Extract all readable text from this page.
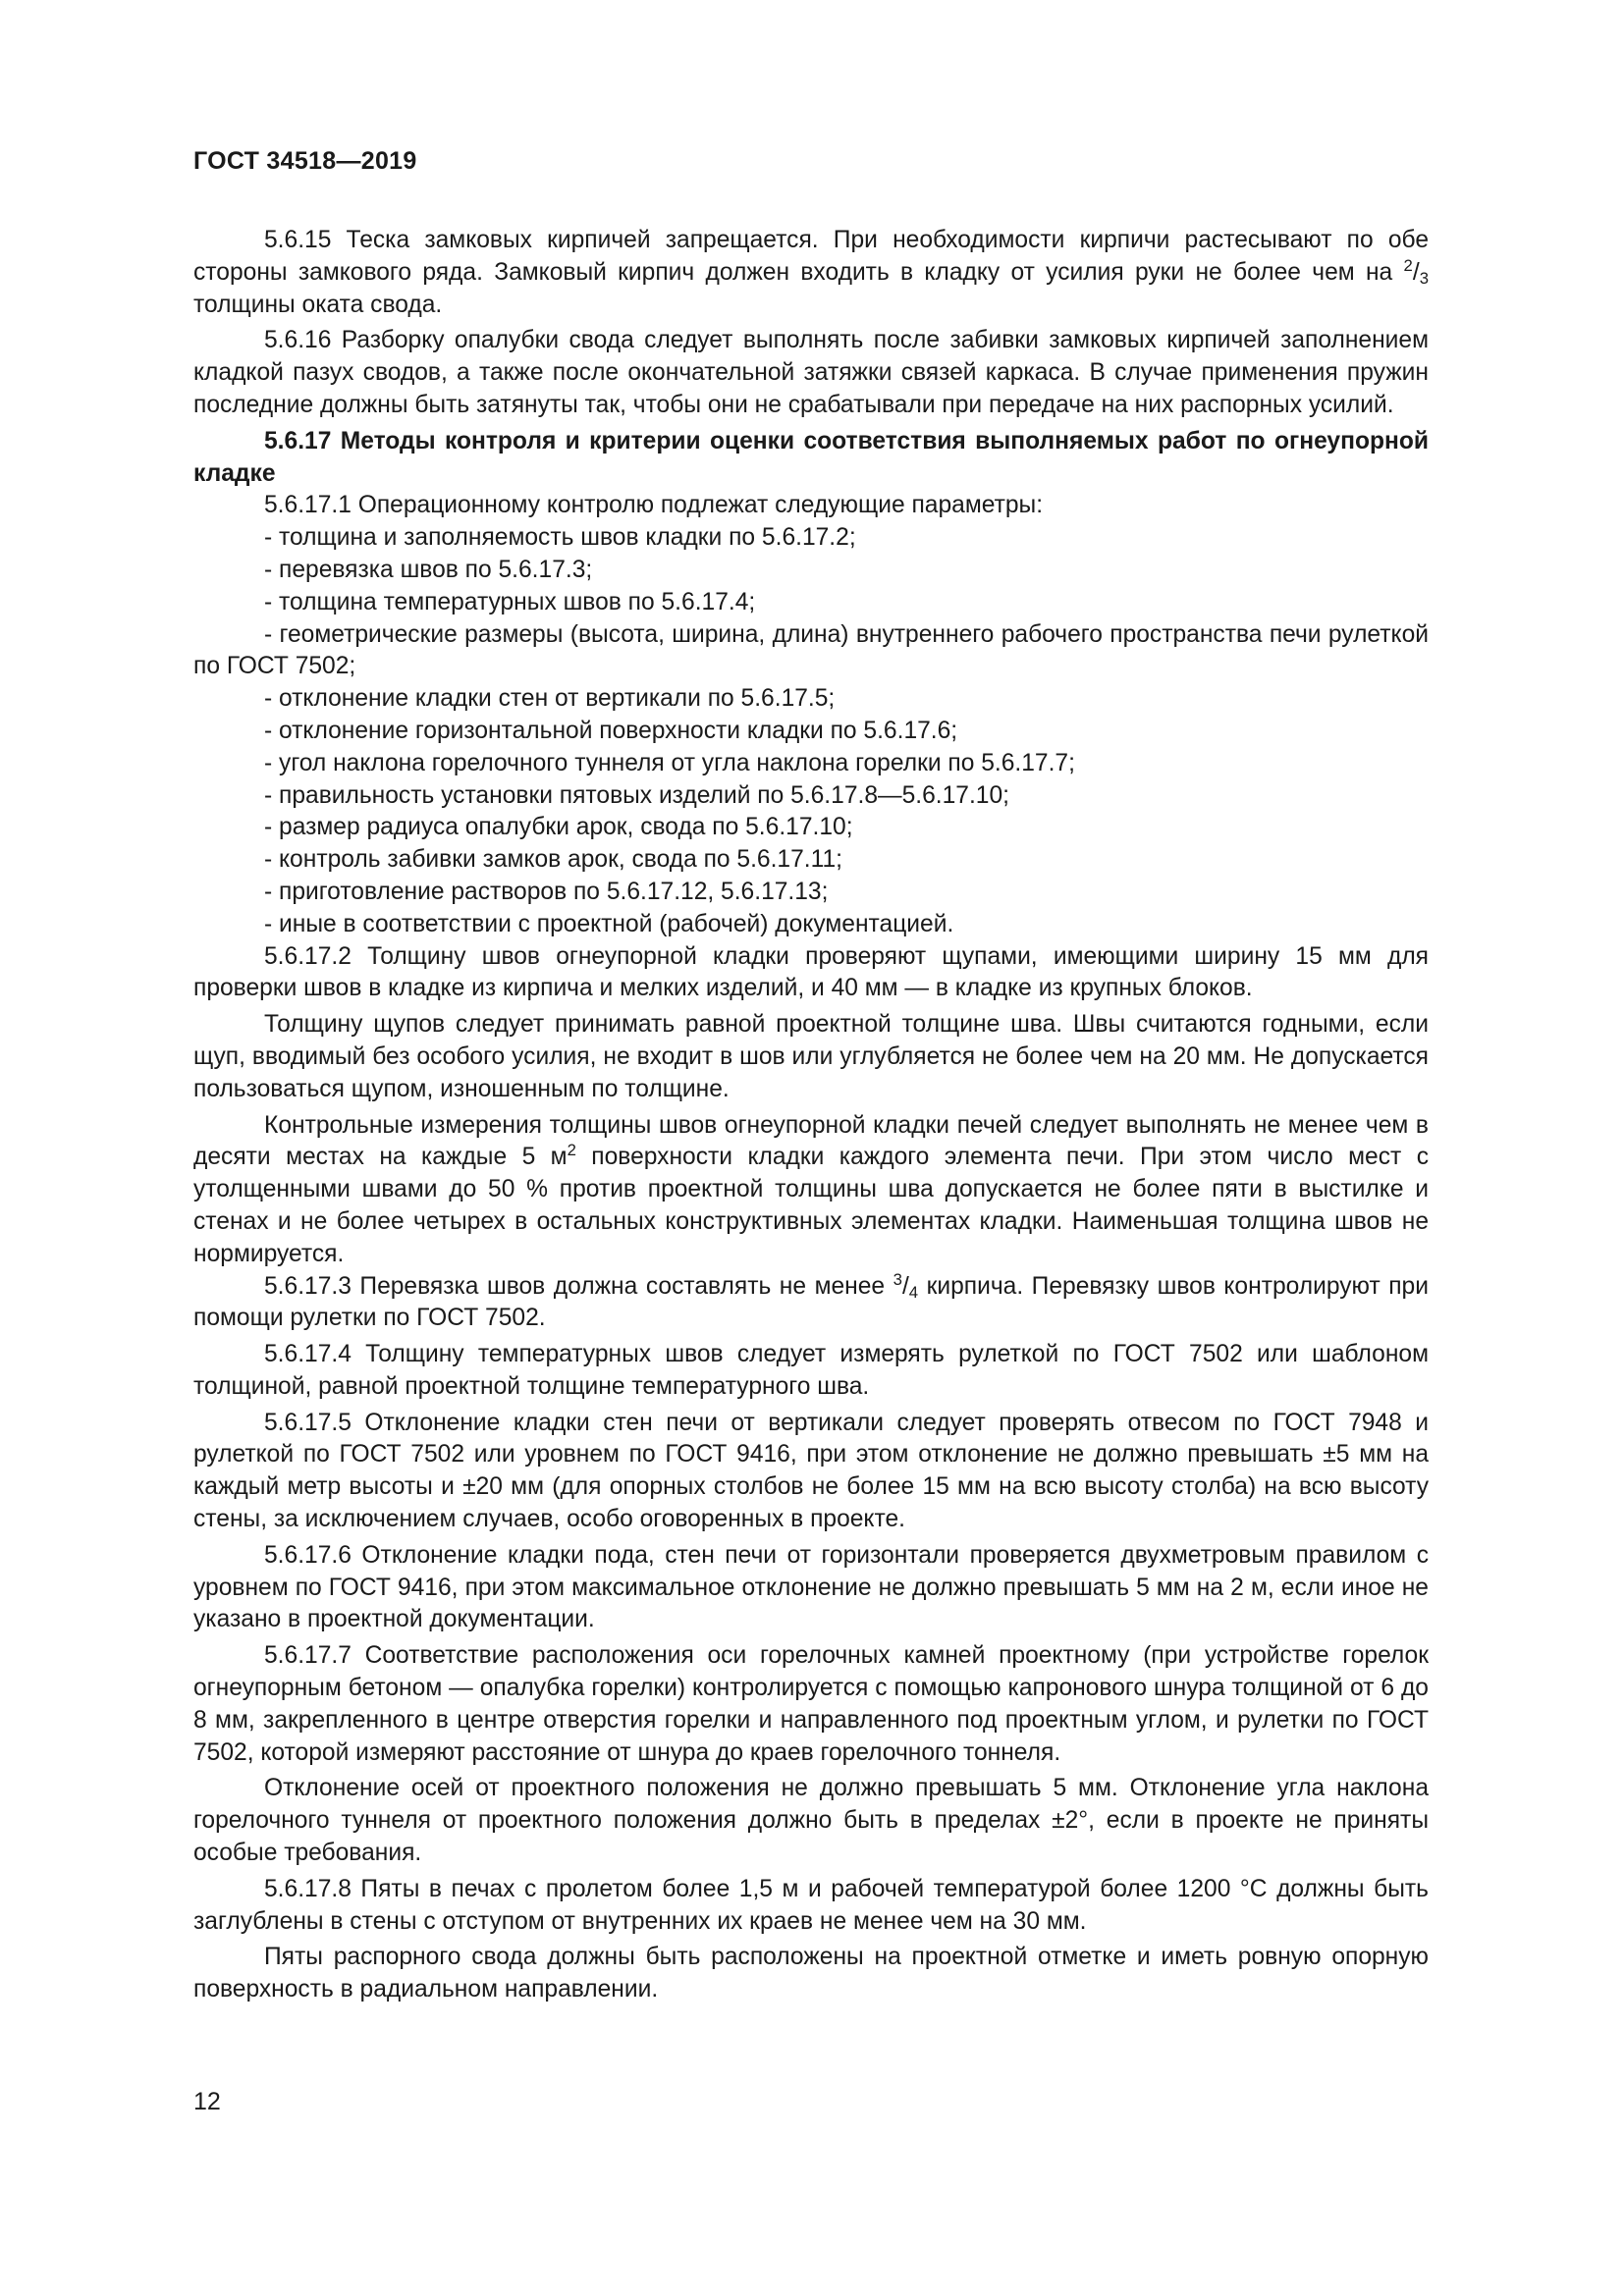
ГОСТ 34518—2019

5.6.15 Теска замковых кирпичей запрещается. При необходимости кирпичи растесывают по обе стороны замкового ряда. Замковый кирпич должен входить в кладку от усилия руки не более чем на $^2/_3$ толщины оката свода.

5.6.16 Разборку опалубки свода следует выполнять после забивки замковых кирпичей заполнением кладкой пазух сводов, а также после окончательной затяжки связей каркаса. В случае применения пружин последние должны быть затянуты так, чтобы они не срабатывали при передаче на них распорных усилий.

5.6.17 Методы контроля и критерии оценки соответствия выполняемых работ по огнеупорной кладке

5.6.17.1 Операционному контролю подлежат следующие параметры:

- толщина и заполняемость швов кладки по 5.6.17.2;

- перевязка швов по 5.6.17.3;

- толщина температурных швов по 5.6.17.4;

- геометрические размеры (высота, ширина, длина) внутреннего рабочего пространства печи рулеткой по ГОСТ 7502;

- отклонение кладки стен от вертикали по 5.6.17.5;

- отклонение горизонтальной поверхности кладки по 5.6.17.6;

- угол наклона горелочного туннеля от угла наклона горелки по 5.6.17.7;

- правильность установки пятовых изделий по 5.6.17.8—5.6.17.10;

- размер радиуса опалубки арок, свода по 5.6.17.10;

- контроль забивки замков арок, свода по 5.6.17.11;

- приготовление растворов по 5.6.17.12, 5.6.17.13;

- иные в соответствии с проектной (рабочей) документацией.

5.6.17.2 Толщину швов огнеупорной кладки проверяют щупами, имеющими ширину 15 мм для проверки швов в кладке из кирпича и мелких изделий, и 40 мм — в кладке из крупных блоков.

Толщину щупов следует принимать равной проектной толщине шва. Швы считаются годными, если щуп, вводимый без особого усилия, не входит в шов или углубляется не более чем на 20 мм. Не допускается пользоваться щупом, изношенным по толщине.

Контрольные измерения толщины швов огнеупорной кладки печей следует выполнять не менее чем в десяти местах на каждые 5 $м^2$ поверхности кладки каждого элемента печи. При этом число мест с утолщенными швами до 50 % против проектной толщины шва допускается не более пяти в выстилке и стенах и не более четырех в остальных конструктивных элементах кладки. Наименьшая толщина швов не нормируется.

5.6.17.3 Перевязка швов должна составлять не менее $^3/_4$ кирпича. Перевязку швов контролируют при помощи рулетки по ГОСТ 7502.

5.6.17.4 Толщину температурных швов следует измерять рулеткой по ГОСТ 7502 или шаблоном толщиной, равной проектной толщине температурного шва.

5.6.17.5 Отклонение кладки стен печи от вертикали следует проверять отвесом по ГОСТ 7948 и рулеткой по ГОСТ 7502 или уровнем по ГОСТ 9416, при этом отклонение не должно превышать ±5 мм на каждый метр высоты и ±20 мм (для опорных столбов не более 15 мм на всю высоту столба) на всю высоту стены, за исключением случаев, особо оговоренных в проекте.

5.6.17.6 Отклонение кладки пода, стен печи от горизонтали проверяется двухметровым правилом с уровнем по ГОСТ 9416, при этом максимальное отклонение не должно превышать 5 мм на 2 м, если иное не указано в проектной документации.

5.6.17.7 Соответствие расположения оси горелочных камней проектному (при устройстве горелок огнеупорным бетоном — опалубка горелки) контролируется с помощью капронового шнура толщиной от 6 до 8 мм, закрепленного в центре отверстия горелки и направленного под проектным углом, и рулетки по ГОСТ 7502, которой измеряют расстояние от шнура до краев горелочного тоннеля.

Отклонение осей от проектного положения не должно превышать 5 мм. Отклонение угла наклона горелочного туннеля от проектного положения должно быть в пределах ±2°, если в проекте не приняты особые требования.

5.6.17.8 Пяты в печах с пролетом более 1,5 м и рабочей температурой более 1200 °С должны быть заглублены в стены с отступом от внутренних их краев не менее чем на 30 мм.

Пяты распорного свода должны быть расположены на проектной отметке и иметь ровную опорную поверхность в радиальном направлении.

12
